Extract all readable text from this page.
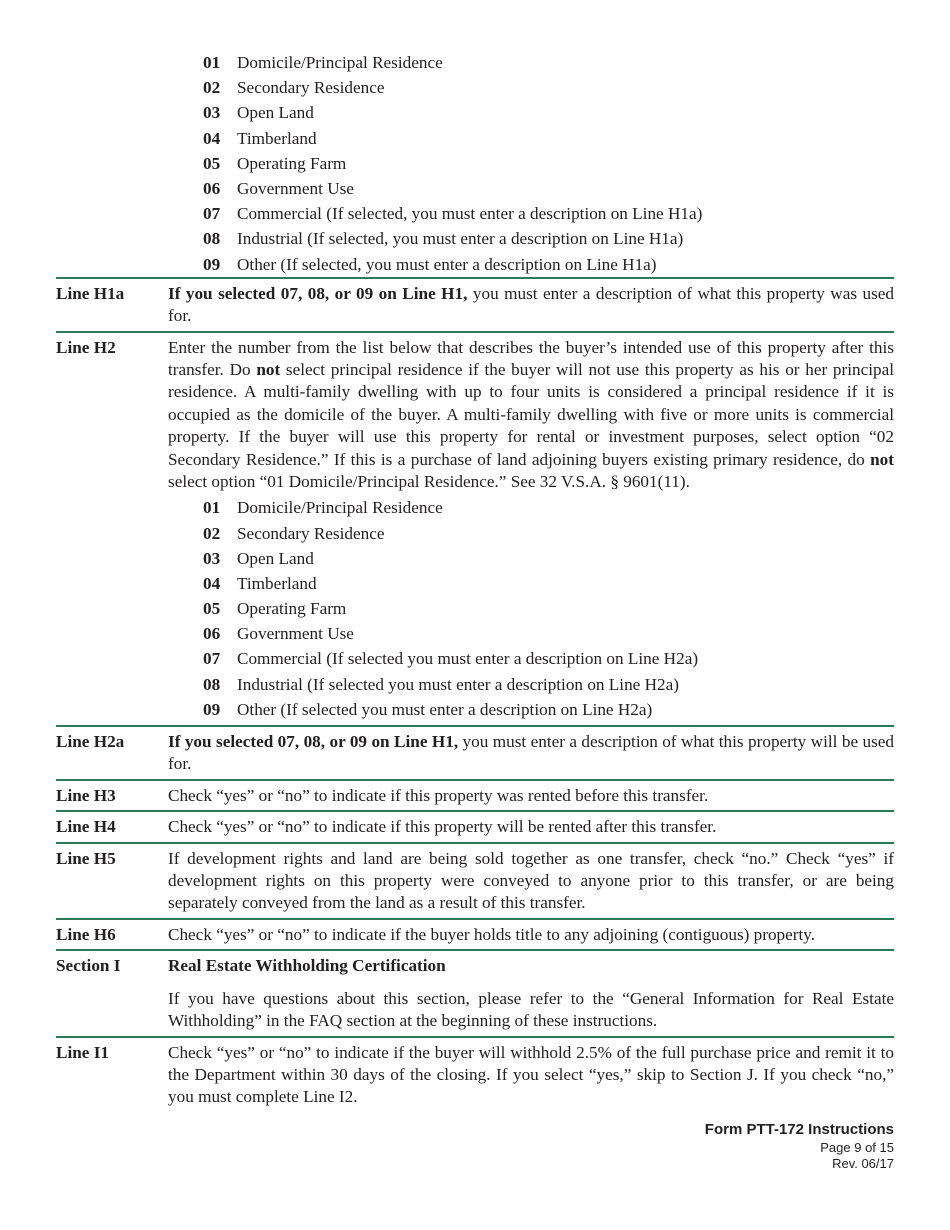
01 Domicile/Principal Residence
02 Secondary Residence
03 Open Land
04 Timberland
05 Operating Farm
06 Government Use
07 Commercial (If selected, you must enter a description on Line H1a)
08 Industrial (If selected, you must enter a description on Line H1a)
09 Other (If selected, you must enter a description on Line H1a)
Line H1a	If you selected 07, 08, or 09 on Line H1, you must enter a description of what this property was used for.

Line H2	Enter the number from the list below that describes the buyer’s intended use of this property after this transfer. Do not select principal residence if the buyer will not use this property as his or her principal residence. A multi-family dwelling with up to four units is considered a principal residence if it is occupied as the domicile of the buyer. A multi-family dwelling with five or more units is commercial property. If the buyer will use this property for rental or investment purposes, select option “02 Secondary Residence.” If this is a purchase of land adjoining buyers existing primary residence, do not select option “01 Domicile/Principal Residence.” See 32 V.S.A. § 9601(11).

01 Domicile/Principal Residence
02 Secondary Residence
03 Open Land
04 Timberland
05 Operating Farm
06 Government Use
07 Commercial (If selected you must enter a description on Line H2a)
08 Industrial (If selected you must enter a description on Line H2a)
09 Other (If selected you must enter a description on Line H2a)
Line H2a	If you selected 07, 08, or 09 on Line H1, you must enter a description of what this property will be used for.

Line H3	Check “yes” or “no” to indicate if this property was rented before this transfer.

Line H4	Check “yes” or “no” to indicate if this property will be rented after this transfer.

Line H5	If development rights and land are being sold together as one transfer, check “no.” Check “yes” if development rights on this property were conveyed to anyone prior to this transfer, or are being separately conveyed from the land as a result of this transfer.

Line H6	Check “yes” or “no” to indicate if the buyer holds title to any adjoining (contiguous) property.

Section I	Real Estate Withholding Certification

If you have questions about this section, please refer to the “General Information for Real Estate Withholding” in the FAQ section at the beginning of these instructions.

Line I1	Check “yes” or “no” to indicate if the buyer will withhold 2.5% of the full purchase price and remit it to the Department within 30 days of the closing. If you select “yes,” skip to Section J. If you check “no,” you must complete Line I2.

Form PTT-172 Instructions
Page 9 of 15
Rev. 06/17
